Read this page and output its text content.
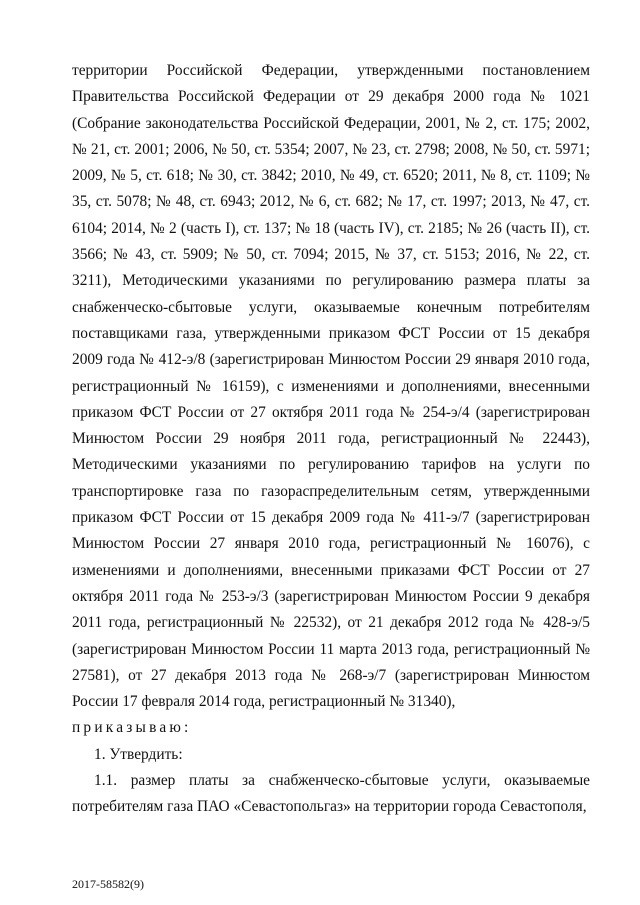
территории Российской Федерации, утвержденными постановлением Правительства Российской Федерации от 29 декабря 2000 года № 1021 (Собрание законодательства Российской Федерации, 2001, № 2, ст. 175; 2002, № 21, ст. 2001; 2006, № 50, ст. 5354; 2007, № 23, ст. 2798; 2008, № 50, ст. 5971; 2009, № 5, ст. 618; № 30, ст. 3842; 2010, № 49, ст. 6520; 2011, № 8, ст. 1109; № 35, ст. 5078; № 48, ст. 6943; 2012, № 6, ст. 682; № 17, ст. 1997; 2013, № 47, ст. 6104; 2014, № 2 (часть I), ст. 137; № 18 (часть IV), ст. 2185; № 26 (часть II), ст. 3566; № 43, ст. 5909; № 50, ст. 7094; 2015, № 37, ст. 5153; 2016, № 22, ст. 3211), Методическими указаниями по регулированию размера платы за снабженческо-сбытовые услуги, оказываемые конечным потребителям поставщиками газа, утвержденными приказом ФСТ России от 15 декабря 2009 года № 412-э/8 (зарегистрирован Минюстом России 29 января 2010 года, регистрационный № 16159), с изменениями и дополнениями, внесенными приказом ФСТ России от 27 октября 2011 года № 254-э/4 (зарегистрирован Минюстом России 29 ноября 2011 года, регистрационный № 22443), Методическими указаниями по регулированию тарифов на услуги по транспортировке газа по газораспределительным сетям, утвержденными приказом ФСТ России от 15 декабря 2009 года № 411-э/7 (зарегистрирован Минюстом России 27 января 2010 года, регистрационный № 16076), с изменениями и дополнениями, внесенными приказами ФСТ России от 27 октября 2011 года № 253-э/3 (зарегистрирован Минюстом России 9 декабря 2011 года, регистрационный № 22532), от 21 декабря 2012 года № 428-э/5 (зарегистрирован Минюстом России 11 марта 2013 года, регистрационный № 27581), от 27 декабря 2013 года № 268-э/7 (зарегистрирован Минюстом России 17 февраля 2014 года, регистрационный № 31340),

приказываю:

1. Утвердить:

1.1. размер платы за снабженческо-сбытовые услуги, оказываемые потребителям газа ПАО «Севастопольгаз» на территории города Севастополя,

2017-58582(9)
